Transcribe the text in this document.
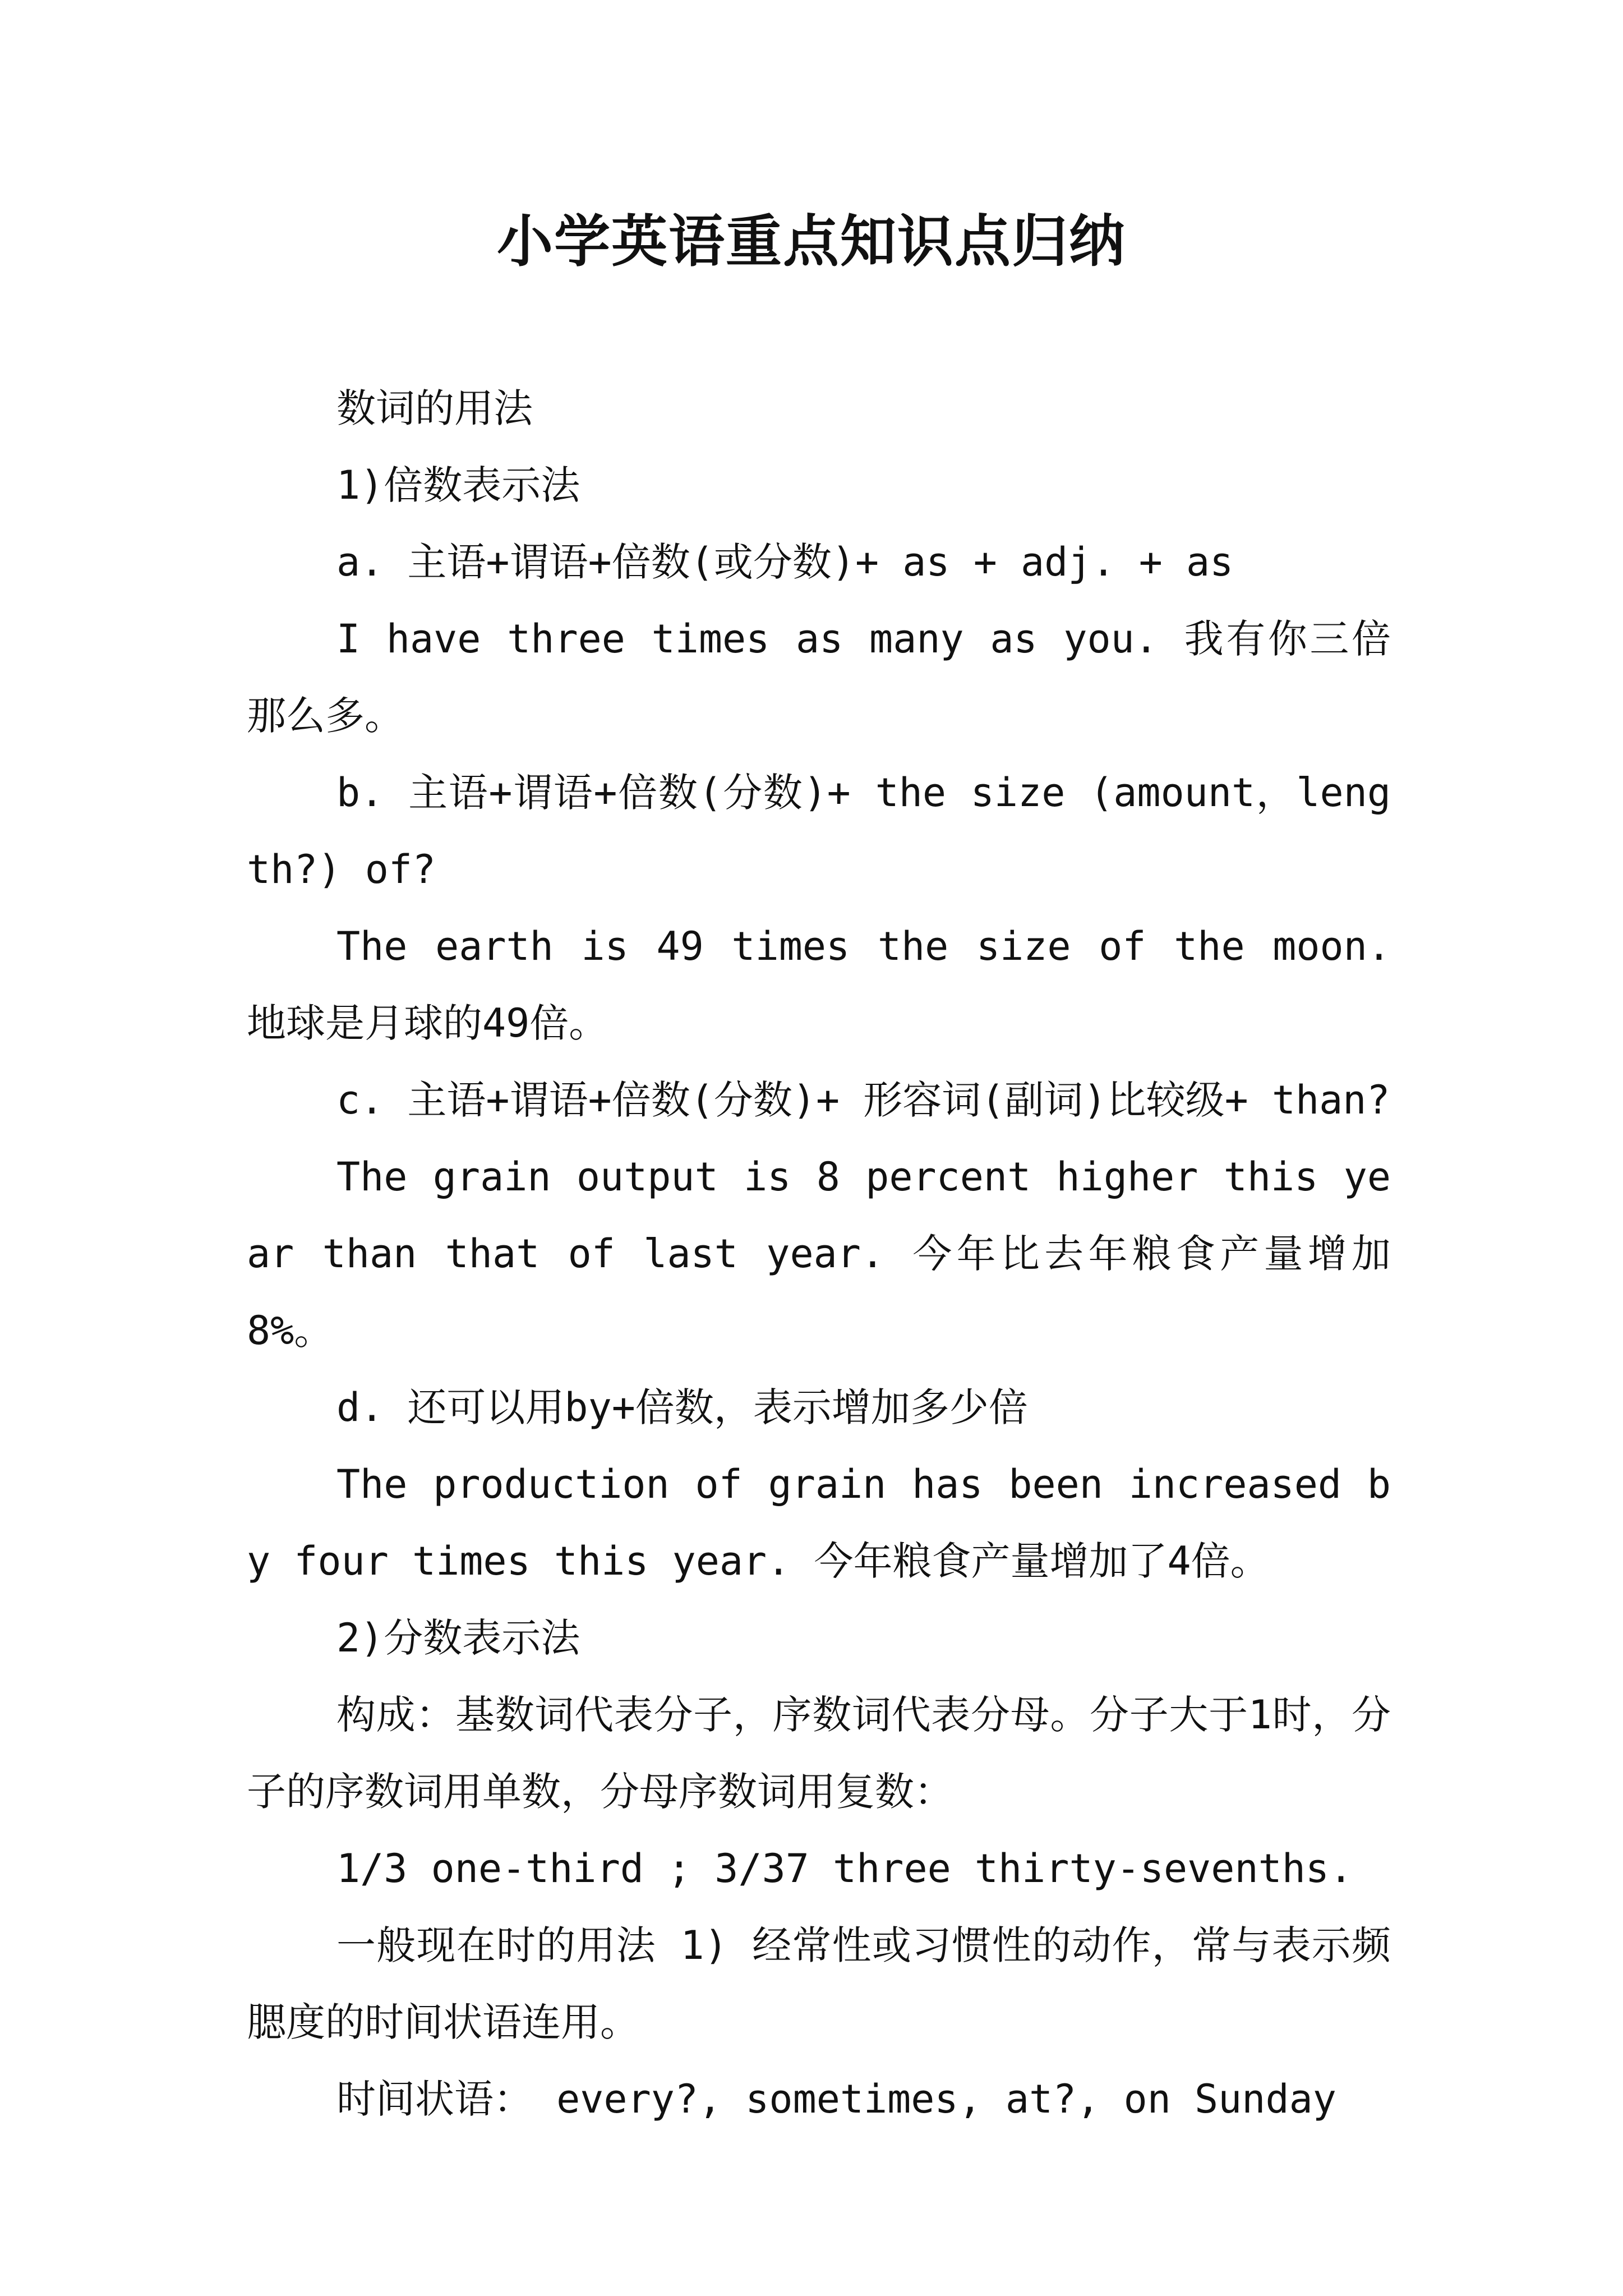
小学英语重点知识点归纳

数词的用法

1)倍数表示法

a. 主语+谓语+倍数(或分数)+ as + adj. + as

I have three times as many as you. 我有你三倍那么多。

b. 主语+谓语+倍数(分数)+ the size (amount，length?) of?

The earth is 49 times the size of the moon. 地球是月球的49倍。

c. 主语+谓语+倍数(分数)+ 形容词(副词)比较级+ than?

The grain output is 8 percent higher this year than that of last year. 今年比去年粮食产量增加8%。

d. 还可以用by+倍数，表示增加多少倍

The production of grain has been increased by four times this year. 今年粮食产量增加了4倍。

2)分数表示法

构成：基数词代表分子，序数词代表分母。分子大于1时，分子的序数词用单数，分母序数词用复数：

1/3 one-third ; 3/37 three thirty-sevenths.

一般现在时的用法 1) 经常性或习惯性的动作，常与表示频腮度的时间状语连用。

时间状语： every?, sometimes, at?, on Sunday
